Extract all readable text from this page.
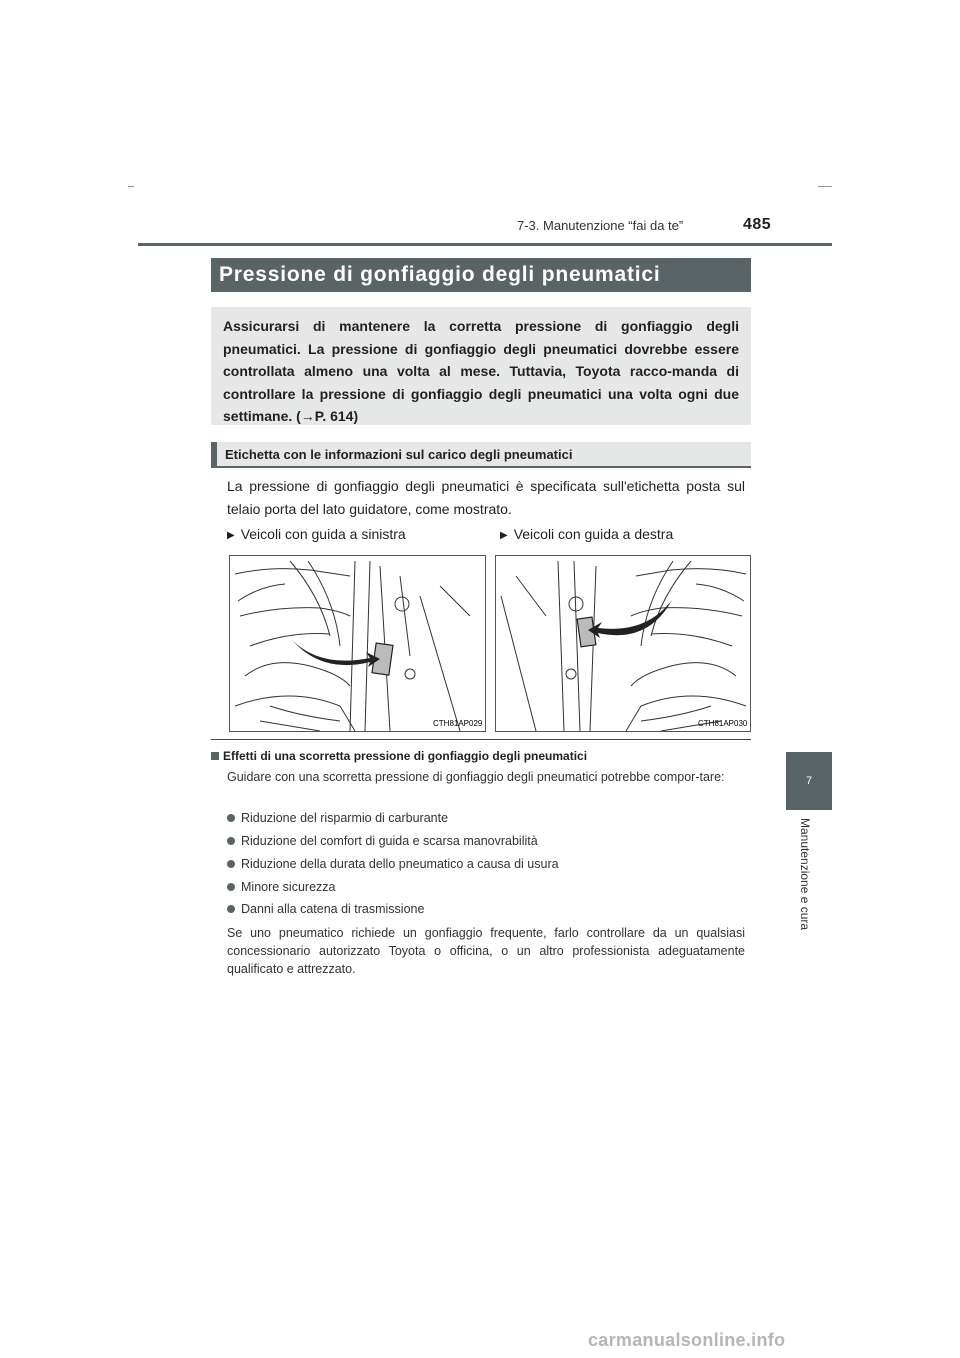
7-3. Manutenzione “fai da te”	485
7
Manutenzione e cura
Pressione di gonfiaggio degli pneumatici
Assicurarsi di mantenere la corretta pressione di gonfiaggio degli pneumatici. La pressione di gonfiaggio degli pneumatici dovrebbe essere controllata almeno una volta al mese. Tuttavia, Toyota racco-manda di controllare la pressione di gonfiaggio degli pneumatici una volta ogni due settimane. (→P. 614)
Etichetta con le informazioni sul carico degli pneumatici
La pressione di gonfiaggio degli pneumatici è specificata sull'etichetta posta sul telaio porta del lato guidatore, come mostrato.
▶ Veicoli con guida a sinistra	▶ Veicoli con guida a destra
CTH81AP029	CTH81AP030
Effetti di una scorretta pressione di gonfiaggio degli pneumatici
Guidare con una scorretta pressione di gonfiaggio degli pneumatici potrebbe compor-tare:
Riduzione del risparmio di carburante
Riduzione del comfort di guida e scarsa manovrabilità
Riduzione della durata dello pneumatico a causa di usura
Minore sicurezza
Danni alla catena di trasmissione
Se uno pneumatico richiede un gonfiaggio frequente, farlo controllare da un qualsiasi concessionario autorizzato Toyota o officina, o un altro professionista adeguatamente qualificato e attrezzato.
carmanualsonline.info
